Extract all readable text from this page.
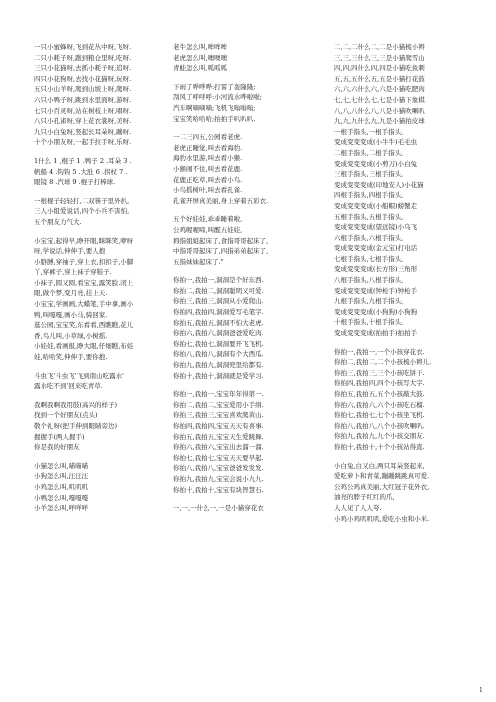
一只小蜜蜂呀,飞到花丛中呀,飞呀.
二只小耗子呀,跑到粮仓里呀,吃呀.
三只小花猫呀,去抓小耗子呀,追呀.
四只小花狗呀,去找小花猫呀,玩呀.
五只小山羊呀,爬到山坡上呀,爬呀.
六只小鸭子呀,跳到水里面呀,游呀.
七只小百灵呀,站在树枝上呀,唱呀.
八只小孔雀呀,穿上花衣裳呀,美呀.
九只小白兔呀,竖起长耳朵呀,蹦呀.
十个小朋友呀,一起手拉手呀,乐呀.
1什么 1 ,棍子 1 .鸭子 2 .耳朵 3 .
帆船 4 .钩钩 5 .大肚 6 .拐杖 7 .
眼镜 8 .汽球 9 .棍子打棒球.
一根棍子轻轻打,二双筷子里外扒,
三人小组爱说话,四个小兵不害怕,
五个朋友力气大.
小宝宝,起得早,睁开眼,眯眯笑,咿呀
呀,学说话,伸伸手,要人抱
小胳膊,穿袖子,穿上衣,扣扣子,小脚
丫,穿裤子,穿上袜子穿鞋子.
小袜子,圆又圆,看宝宝,露笑脸.闭上
眼,做个梦,变月亮,挂上天.
小宝宝,学画画,大蜡笔,手中拿,画小
鸭,叫嘎嘎,画小马,骑回家.
逛公园,宝宝笑,东看看,西瞧瞧,花儿
香,鸟儿叫,小草绿,小树摇.
小娃娃,看画报,睁大眼,仔细瞧,布娃
娃,哈哈笑,伸伸手,要你抱.
斗虫飞'斗虫飞'飞到南山吃露水'
露水吃不到'回来吃青草.
我啊我啊我用肢(高兴的样子)
找到一个好朋友(点头)
敬个礼呀(把手伸到眼睛旁边)
握握手(两人握手)
你是我的好朋友
小猫怎么叫,喵喵喵
小狗怎么叫,汪汪汪
小鸡怎么叫,叽叽叽
小鸭怎么叫,嘎嘎嘎
小羊怎么叫,咩咩咩
老牛怎么叫,哞哞哞
老虎怎么叫,噢噢噢
青蛙怎么叫,呱呱呱
下雨了哗哗哗:打雷了轰隆隆;
刮风了呼呼呼:小河流水哗啦啦;
汽车啊嘀嘀嘀;飞机飞嗡嗡嗡;
宝宝笑哈哈哈;拍拍手叭叭叭.
一二三四五,公园看老虎.
老虎正睡觉,叫去看海豹.
海豹水里游,叫去看小猴.
小猴闹不住,叫去看花鹿.
花鹿正吃草,叫去看小鸟.
小鸟摇树叶,叫去看孔雀.
孔雀开屏真美丽,身上穿着五彩衣.
五个好娃娃,乖乖睡着啦,
公鸡喔喔啼,叫醒五娃娃,
拇指姐姐起床了,食指哥哥起床了,
中指哥哥起床了,四指弟弟起床了,
五指妹妹起床了."
你拍一,我拍一,洞洞是个好东西.
你拍二,我拍二,洞洞聪明又可爱.
你拍三,我拍三,洞洞从小爱爬山.
你拍四,我拍四,洞洞爱写毛笔字.
你拍五,我拍五,洞洞不怕大老虎.
你拍六,我拍六,洞洞爸爸爱吃肉.
你拍七,我拍七,洞洞要开飞飞机.
你拍八,我拍八,洞洞有个大西瓜.
你拍九,我拍九,洞洞兜里给都有.
你拍十,我拍十,洞洞就是爱学习.
你拍一,我拍一,宝宝年年得第一.
你拍二,我拍二,宝宝爱用小手绢.
你拍三,我拍三,宝宝喜欢爬黄山.
你拍四,我拍四,宝宝天天有喜事.
你拍五,我拍五,宝宝天生爱跳舞.
你拍六,我拍六,宝宝出去溜一溜.
你拍七,我拍七,宝宝天天要早起.
你拍八,我拍八,宝宝爸爸发发发.
你拍九,我拍九,宝宝会说小九九.
你拍十,我拍十,宝宝有块智慧石.
一,一,一什么一,一是小猫穿花衣
二,二,二什么二,二是小猫梳小辫
三,三,三什么三,三是小猫爬雪山
四,四,四什么四,四是小猫吃鱼刺
五,五,五什么五,五是小猫打花鼓
六,六,六什么六,六是小猫吃肥肉
七,七,七什么七,七是小猫下象棋
八,八,八什么八,八是小猫吹喇叭
九,九,九什么九,九是小猫拍皮球
一根手指头,一根手指头,
变成变变变成(小牛牛)毛毛虫
二根手指头,二根手指头,
变成变变变成(小剪刀)小白兔
三根手指头,三根手指头,
变成变变变成(印地安人)小花猫
四根手指头,四根手指头,
变成变变变成(小船帽)螃蟹走
五根手指头,五根手指头,
变成变变变成(望远镜)小乌飞
六根手指头,六根手指头,
变成变变变成(金元宝)打电话
七根手指头,七根手指头,
变成变变变成(长方形)三角形
八根手指头,八根手指头,
变成变变变成(钟枪手)钟枪手
九根手指头,九根手指头,
变成变变变成(小狗狗)小狗狗
十根手指头,十根手指头,
变成变变变成(拍拍手)拍拍手
你拍一,我拍一,一个小孩穿花衣.
你拍二,我拍二,二个小孩梳小辫儿.
你拍三,我拍三,三个小孩吃饼干.
你拍四,我拍四,四个小孩写大字.
你拍五,我拍五,五个小孩敲大鼓.
你拍六,我拍六,六个小孩吃石榴.
你拍七,我拍七,七个小孩坐飞机.
你拍八,我拍八,八个小孩吹喇叭.
你拍九,我拍九,九个小孩交朋友.
你拍十,我拍十,十个小孩站得直.
小白兔,白又白,两只耳朵竖起来,
爱吃萝卜和青菜,蹦蹦跳跳真可爱.
公鸡公鸡真美丽,大红冠子花外衣,
油亮的脖子红红的爪,
人人见了人人夸.
小鸡小鸡叽叽叽,爱吃小虫和小米.
1
